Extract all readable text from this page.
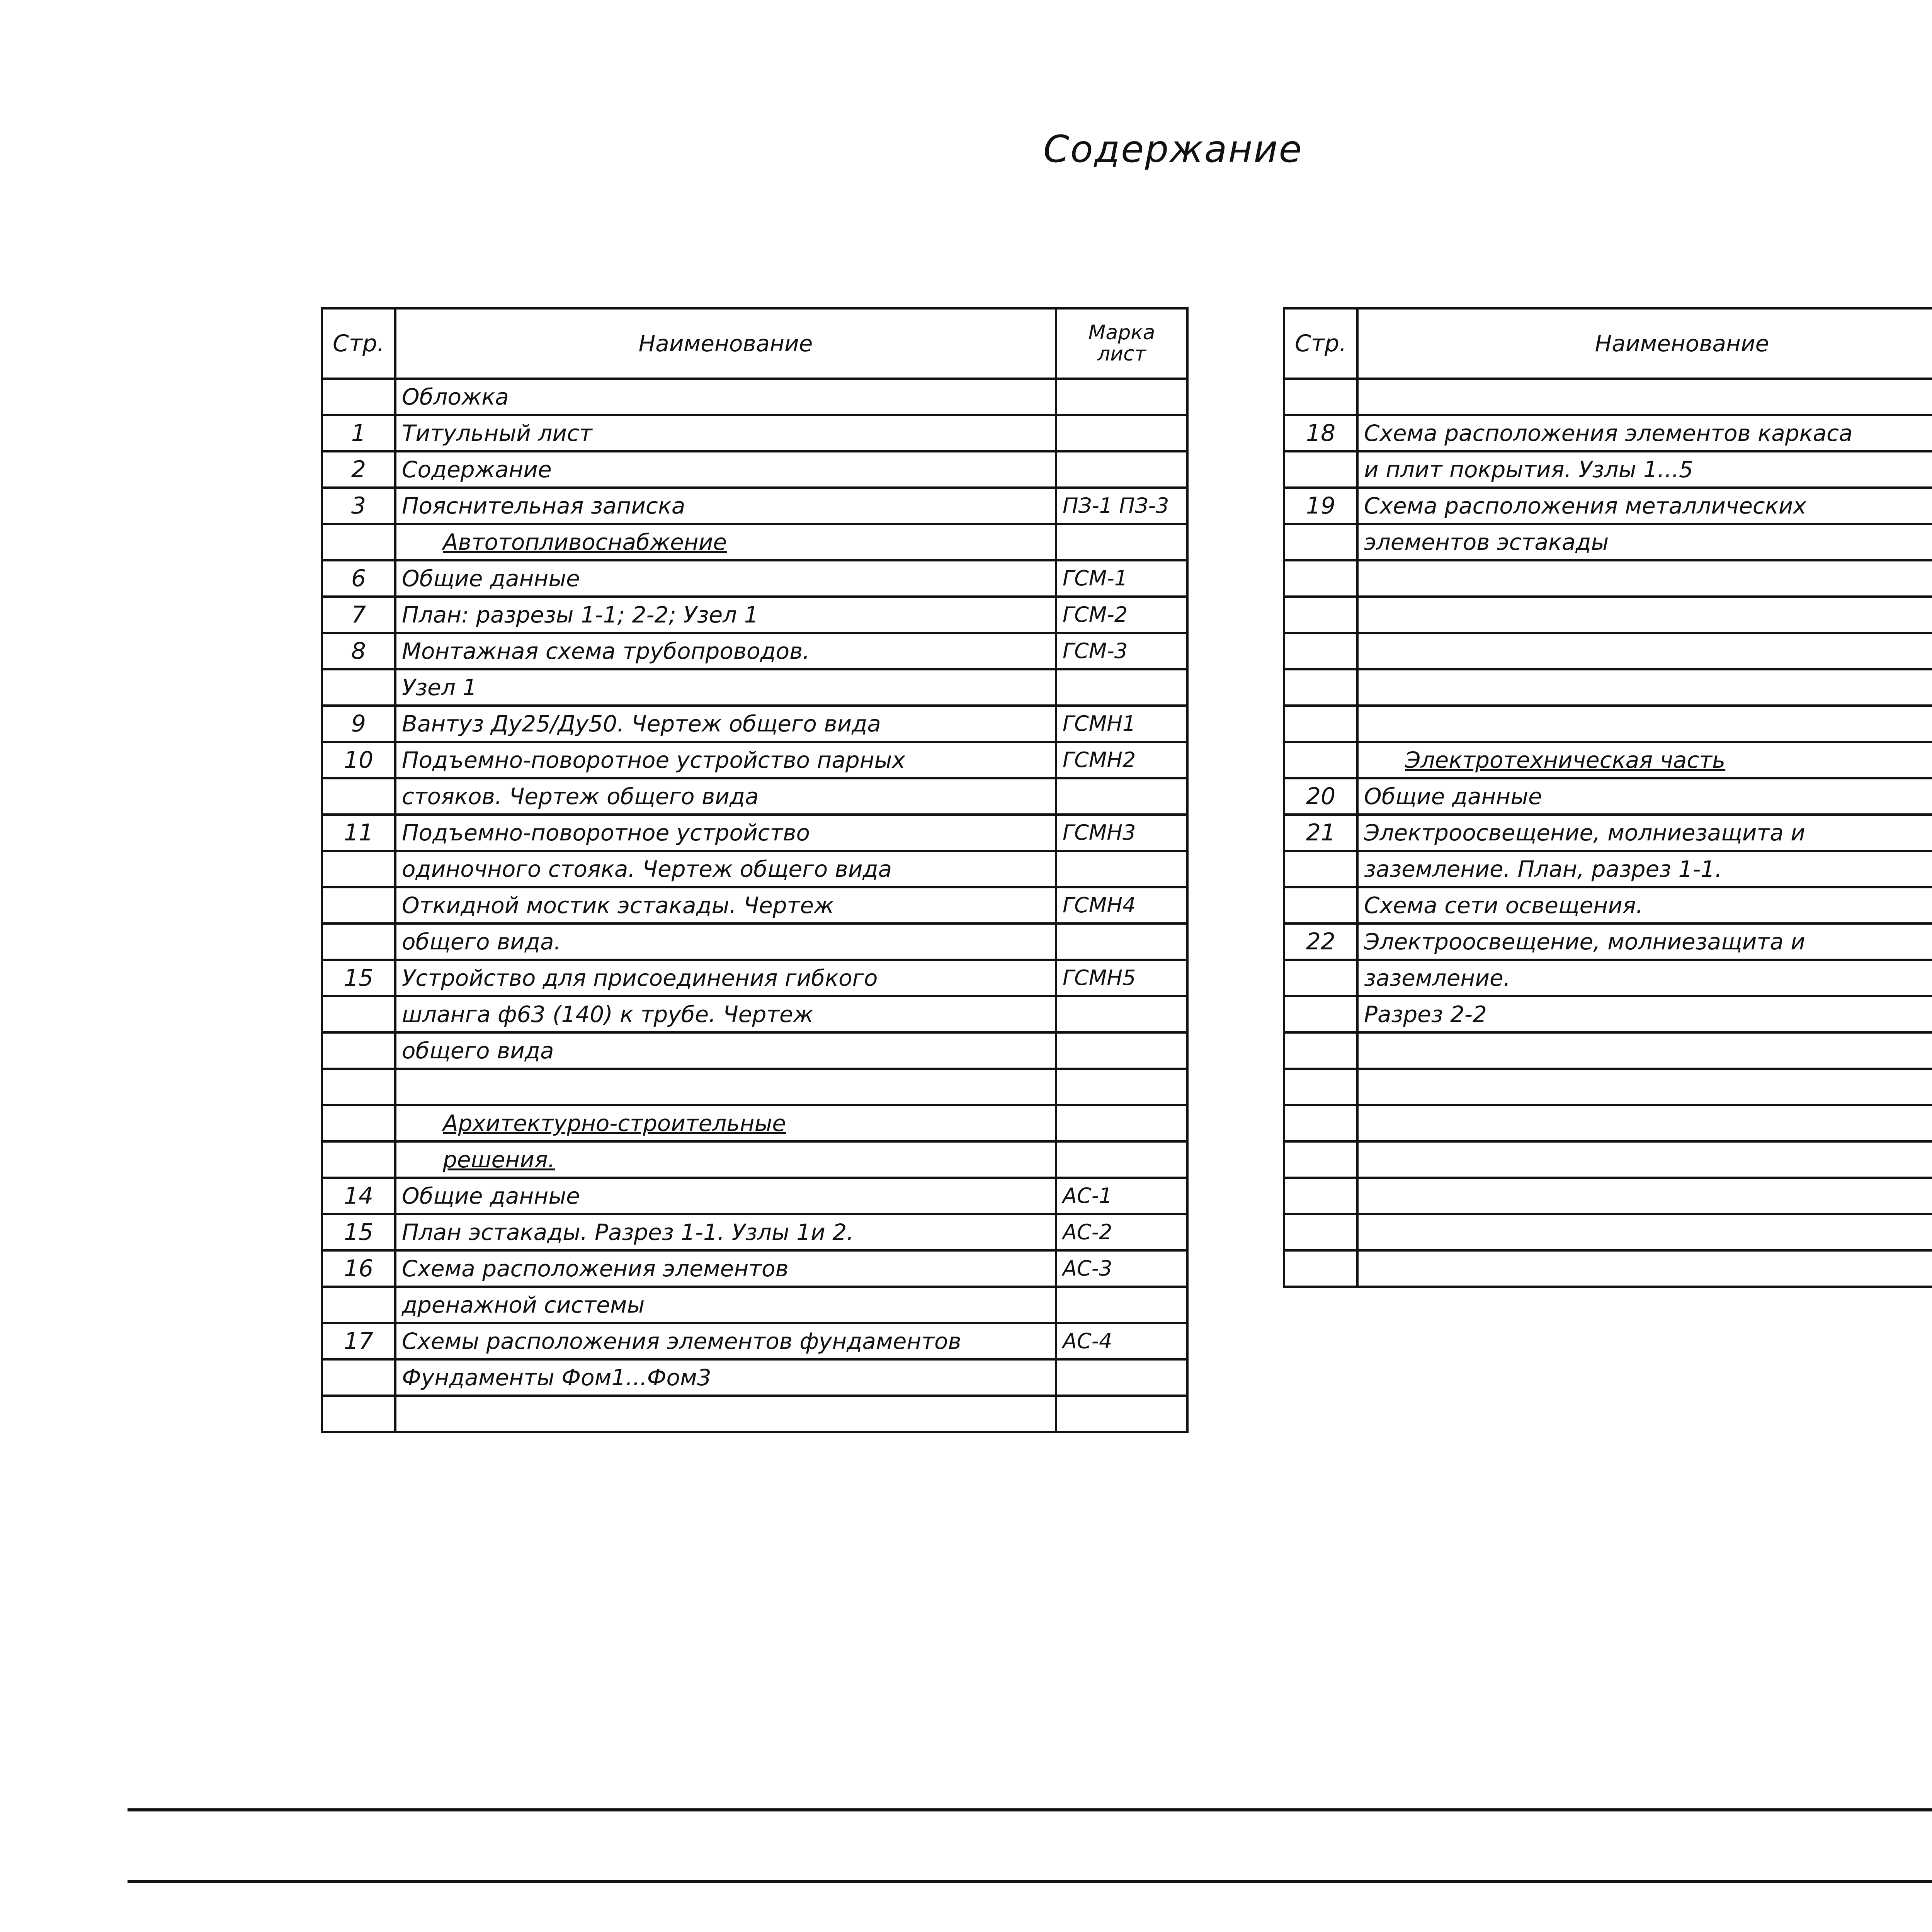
Содержание
Стр.	Наименование	Марка лист
	Обложка	
1	Титульный лист	
2	Содержание	
3	Пояснительная записка	ПЗ-1 ПЗ-3
	Автотопливоснабжение	
6	Общие данные	ГСМ-1
7	План: разрезы 1-1; 2-2; Узел 1	ГСМ-2
8	Монтажная схема трубопроводов.	ГСМ-3
	Узел 1	
9	Вантуз Ду25/Ду50. Чертеж общего вида	ГСМН1
10	Подъемно-поворотное устройство парных	ГСМН2
	стояков. Чертеж общего вида	
11	Подъемно-поворотное устройство	ГСМН3
	одиночного стояка. Чертеж общего вида	
	Откидной мостик эстакады. Чертеж	ГСМН4
	общего вида.	
15	Устройство для присоединения гибкого	ГСМН5
	шланга ф63 (140) к трубе. Чертеж	
	общего вида	

	Архитектурно-строительные	
	решения.	
14	Общие данные	АС-1
15	План эстакады. Разрез 1-1. Узлы 1и 2.	АС-2
16	Схема расположения элементов	АС-3
	дренажной системы	
17	Схемы расположения элементов фундаментов	АС-4
	Фундаменты Фом1...Фом3	

Стр.	Наименование	

18	Схема расположения элементов каркаса	
	и плит покрытия. Узлы 1...5	
19	Схема расположения металлических	
	элементов эстакады	

	Электротехническая часть	
20	Общие данные	
21	Электроосвещение, молниезащита и	
	заземление. План, разрез 1-1.	
	Схема сети освещения.	
22	Электроосвещение, молниезащита и	
	заземление.	
	Разрез 2-2	
